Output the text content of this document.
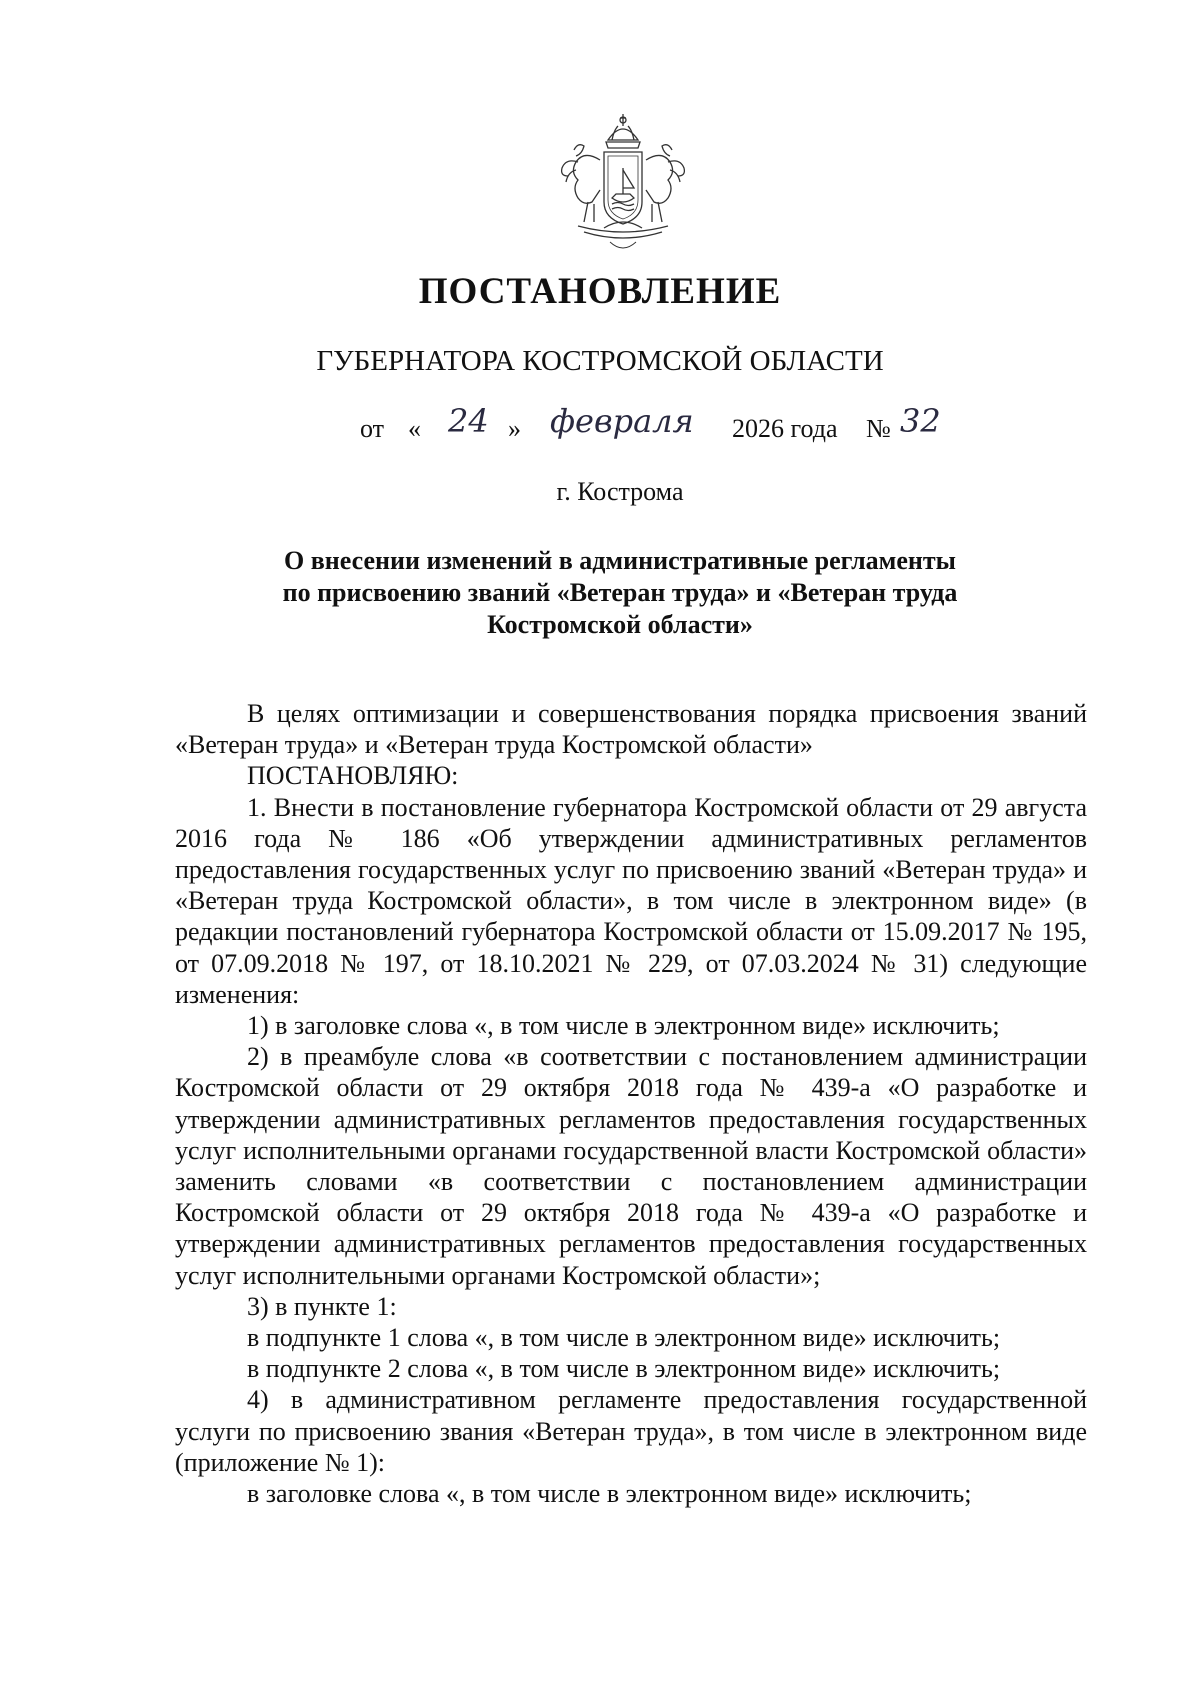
ПОСТАНОВЛЕНИЕ
ГУБЕРНАТОРА КОСТРОМСКОЙ ОБЛАСТИ
от « 24 » февраля 2026 года № 32
г. Кострома
О внесении изменений в административные регламенты
по присвоению званий «Ветеран труда» и «Ветеран труда
Костромской области»

В целях оптимизации и совершенствования порядка присвоения званий «Ветеран труда» и «Ветеран труда Костромской области»

ПОСТАНОВЛЯЮ:

1. Внести в постановление губернатора Костромской области от 29 августа 2016 года № 186 «Об утверждении административных регламентов предоставления государственных услуг по присвоению званий «Ветеран труда» и «Ветеран труда Костромской области», в том числе в электронном виде» (в редакции постановлений губернатора Костромской области от 15.09.2017 № 195, от 07.09.2018 № 197, от 18.10.2021 № 229, от 07.03.2024 № 31) следующие изменения:

1) в заголовке слова «, в том числе в электронном виде» исключить;

2) в преамбуле слова «в соответствии с постановлением администрации Костромской области от 29 октября 2018 года № 439-а «О разработке и утверждении административных регламентов предоставления государственных услуг исполнительными органами государственной власти Костромской области» заменить словами «в соответствии с постановлением администрации Костромской области от 29 октября 2018 года № 439-а «О разработке и утверждении административных регламентов предоставления государственных услуг исполнительными органами Костромской области»;

3) в пункте 1:

в подпункте 1 слова «, в том числе в электронном виде» исключить;

в подпункте 2 слова «, в том числе в электронном виде» исключить;

4) в административном регламенте предоставления государственной услуги по присвоению звания «Ветеран труда», в том числе в электронном виде (приложение № 1):

в заголовке слова «, в том числе в электронном виде» исключить;
